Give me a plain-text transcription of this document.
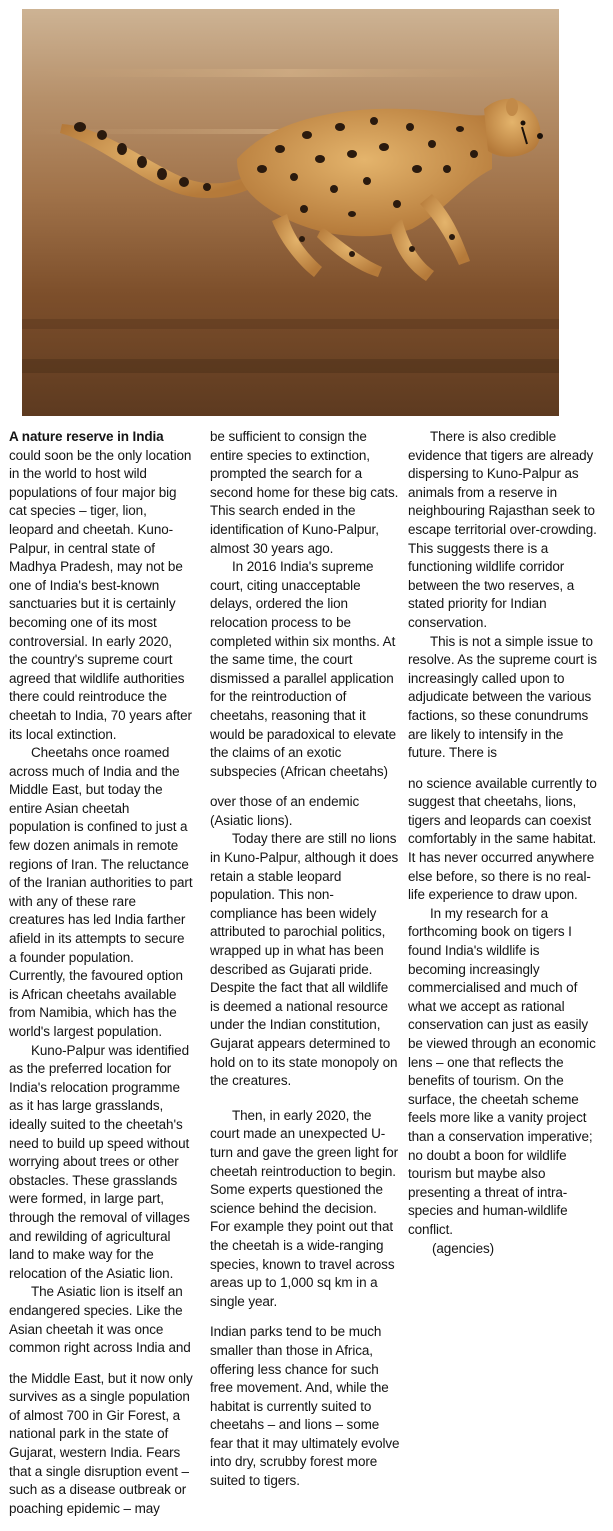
A nature reserve in India
could soon be the only location in the world to host wild populations of four major big cat species – tiger, lion, leopard and cheetah. Kuno-Palpur, in central state of Madhya Pradesh, may not be one of India's best-known sanctuaries but it is certainly becoming one of its most controversial. In early 2020, the country's supreme court agreed that wildlife authorities there could reintroduce the cheetah to India, 70 years after its local extinction.

Cheetahs once roamed across much of India and the Middle East, but today the entire Asian cheetah population is confined to just a few dozen animals in remote regions of Iran. The reluctance of the Iranian authorities to part with any of these rare creatures has led India farther afield in its attempts to secure a founder population. Currently, the favoured option is African cheetahs available from Namibia, which has the world's largest population.

Kuno-Palpur was identified as the preferred location for India's relocation programme as it has large grasslands, ideally suited to the cheetah's need to build up speed without worrying about trees or other obstacles. These grasslands were formed, in large part, through the removal of villages and rewilding of agricultural land to make way for the relocation of the Asiatic lion.

The Asiatic lion is itself an endangered species. Like the Asian cheetah it was once common right across India and

the Middle East, but it now only survives as a single population of almost 700 in Gir Forest, a national park in the state of Gujarat, western India. Fears that a single disruption event – such as a disease outbreak or poaching epidemic – may

be sufficient to consign the entire species to extinction, prompted the search for a second home for these big cats. This search ended in the identification of Kuno-Palpur, almost 30 years ago.

In 2016 India's supreme court, citing unacceptable delays, ordered the lion relocation process to be completed within six months. At the same time, the court dismissed a parallel application for the reintroduction of cheetahs, reasoning that it would be paradoxical to elevate the claims of an exotic subspecies (African cheetahs)

over those of an endemic (Asiatic lions).

Today there are still no lions in Kuno-Palpur, although it does retain a stable leopard population. This non-compliance has been widely attributed to parochial politics, wrapped up in what has been described as Gujarati pride. Despite the fact that all wildlife is deemed a national resource under the Indian constitution, Gujarat appears determined to hold on to its state monopoly on the creatures.

Then, in early 2020, the court made an unexpected U-turn and gave the green light for cheetah reintroduction to begin. Some experts questioned the science behind the decision. For example they point out that the cheetah is a wide-ranging species, known to travel across areas up to 1,000 sq km in a single year.

Indian parks tend to be much smaller than those in Africa, offering less chance for such free movement. And, while the habitat is currently suited to cheetahs – and lions – some fear that it may ultimately evolve into dry, scrubby forest more suited to tigers.

There is also credible evidence that tigers are already dispersing to Kuno-Palpur as animals from a reserve in neighbouring Rajasthan seek to escape territorial over-crowding. This suggests there is a functioning wildlife corridor between the two reserves, a stated priority for Indian conservation.

This is not a simple issue to resolve. As the supreme court is increasingly called upon to adjudicate between the various factions, so these conundrums are likely to intensify in the future. There is

no science available currently to suggest that cheetahs, lions, tigers and leopards can coexist comfortably in the same habitat. It has never occurred anywhere else before, so there is no real-life experience to draw upon.

In my research for a forthcoming book on tigers I found India's wildlife is becoming increasingly commercialised and much of what we accept as rational conservation can just as easily be viewed through an economic lens – one that reflects the benefits of tourism. On the surface, the cheetah scheme feels more like a vanity project than a conservation imperative; no doubt a boon for wildlife tourism but maybe also presenting a threat of intra-species and human-wildlife conflict.

(agencies)
